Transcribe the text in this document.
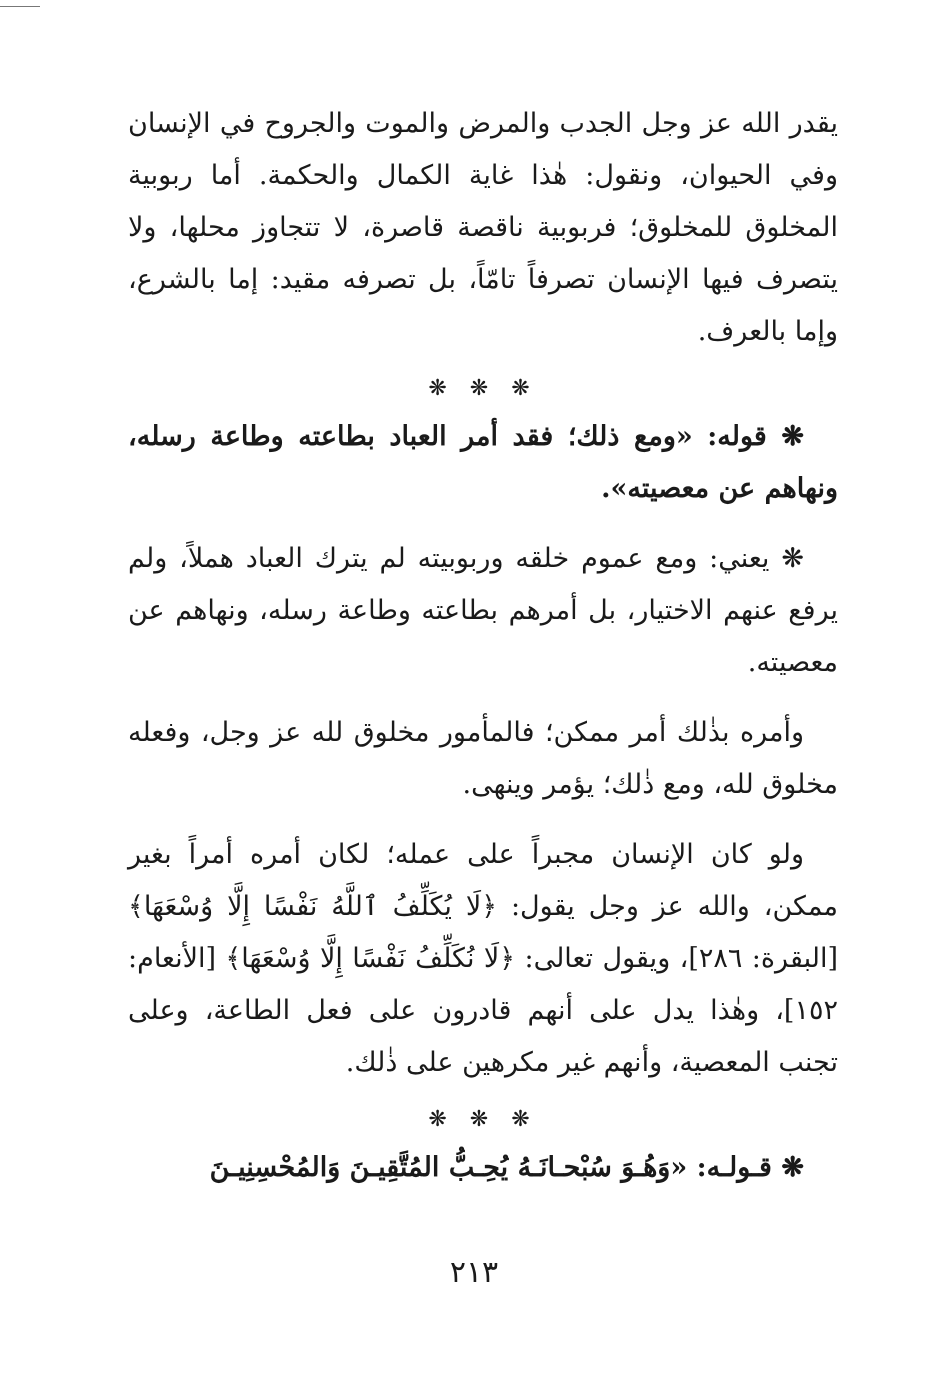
يقدر الله عز وجل الجدب والمرض والموت والجروح في الإنسان وفي الحيوان، ونقول: هٰذا غاية الكمال والحكمة. أما ربوبية المخلوق للمخلوق؛ فربوبية ناقصة قاصرة، لا تتجاوز محلها، ولا يتصرف فيها الإنسان تصرفاً تامّاً، بل تصرفه مقيد: إما بالشرع، وإما بالعرف.

❋ ❋ ❋

❋ قوله: «ومع ذلك؛ فقد أمر العباد بطاعته وطاعة رسله، ونهاهم عن معصيته».

❋ يعني: ومع عموم خلقه وربوبيته لم يترك العباد هملاً، ولم يرفع عنهم الاختيار، بل أمرهم بطاعته وطاعة رسله، ونهاهم عن معصيته.

وأمره بذٰلك أمر ممكن؛ فالمأمور مخلوق لله عز وجل، وفعله مخلوق لله، ومع ذٰلك؛ يؤمر وينهى.

ولو كان الإنسان مجبراً على عمله؛ لكان أمره أمراً بغير ممكن، والله عز وجل يقول: ﴿لَا يُكَلِّفُ ٱللَّهُ نَفْسًا إِلَّا وُسْعَهَا﴾ [البقرة: ٢٨٦]، ويقول تعالى: ﴿لَا نُكَلِّفُ نَفْسًا إِلَّا وُسْعَهَا﴾ [الأنعام: ١٥٢]، وهٰذا يدل على أنهم قادرون على فعل الطاعة، وعلى تجنب المعصية، وأنهم غير مكرهين على ذٰلك.

❋ ❋ ❋

❋ قـولـه: «وَهُـوَ سُبْحـانَـهُ يُحِـبُّ المُتَّقِيـنَ وَالمُحْسِنِيـنَ

٢١٣
